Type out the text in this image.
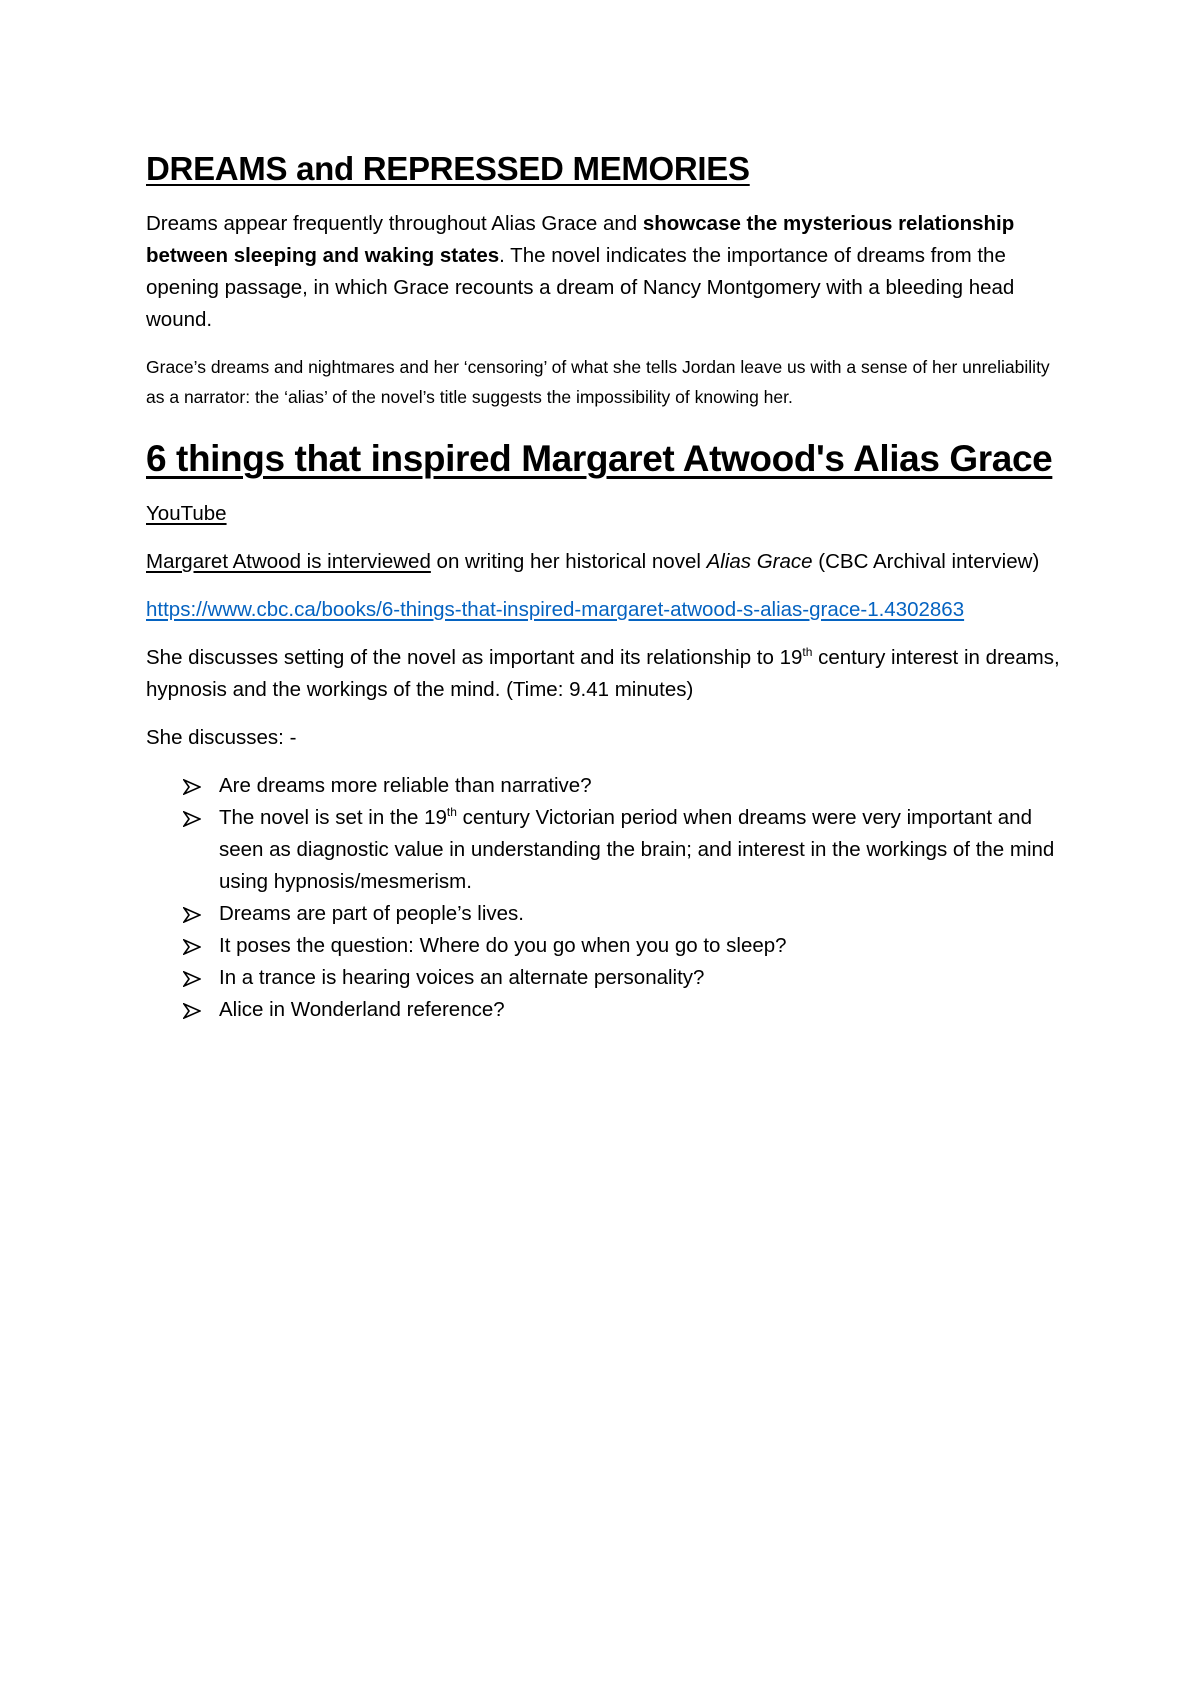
DREAMS and REPRESSED MEMORIES

Dreams appear frequently throughout Alias Grace and showcase the mysterious relationship between sleeping and waking states. The novel indicates the importance of dreams from the opening passage, in which Grace recounts a dream of Nancy Montgomery with a bleeding head wound.

Grace’s dreams and nightmares and her ‘censoring’ of what she tells Jordan leave us with a sense of her unreliability as a narrator: the ‘alias’ of the novel’s title suggests the impossibility of knowing her.

6 things that inspired Margaret Atwood's Alias Grace

YouTube

Margaret Atwood is interviewed on writing her historical novel Alias Grace (CBC Archival interview)

https://www.cbc.ca/books/6-things-that-inspired-margaret-atwood-s-alias-grace-1.4302863

She discusses setting of the novel as important and its relationship to 19th century interest in dreams, hypnosis and the workings of the mind. (Time: 9.41 minutes)

She discusses: -

Are dreams more reliable than narrative?
The novel is set in the 19th century Victorian period when dreams were very important and seen as diagnostic value in understanding the brain; and interest in the workings of the mind using hypnosis/mesmerism.
Dreams are part of people’s lives.
It poses the question: Where do you go when you go to sleep?
In a trance is hearing voices an alternate personality?
Alice in Wonderland reference?
